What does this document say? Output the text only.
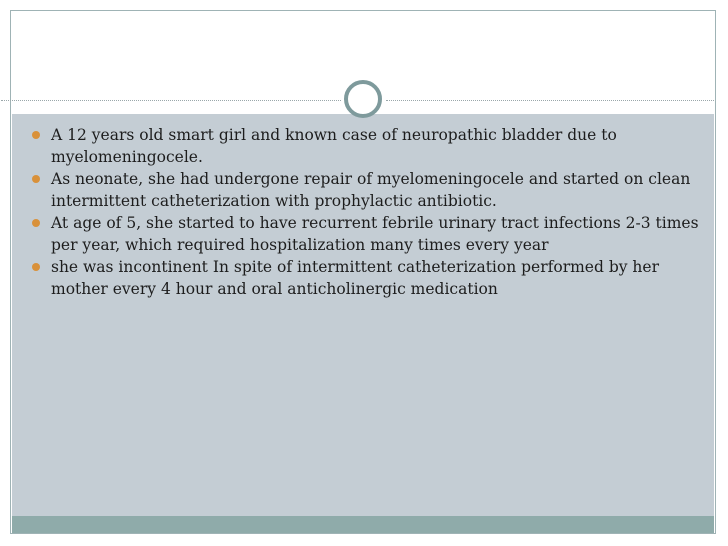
A 12 years old smart girl and known case of neuropathic bladder due to myelomeningocele.
As neonate, she had undergone repair of myelomeningocele and started on clean intermittent catheterization with prophylactic antibiotic.
At age of 5, she started to have recurrent febrile urinary tract infections 2-3 times per year, which required hospitalization many times every year
she was incontinent In spite of intermittent catheterization performed by her mother every 4 hour and oral anticholinergic medication
